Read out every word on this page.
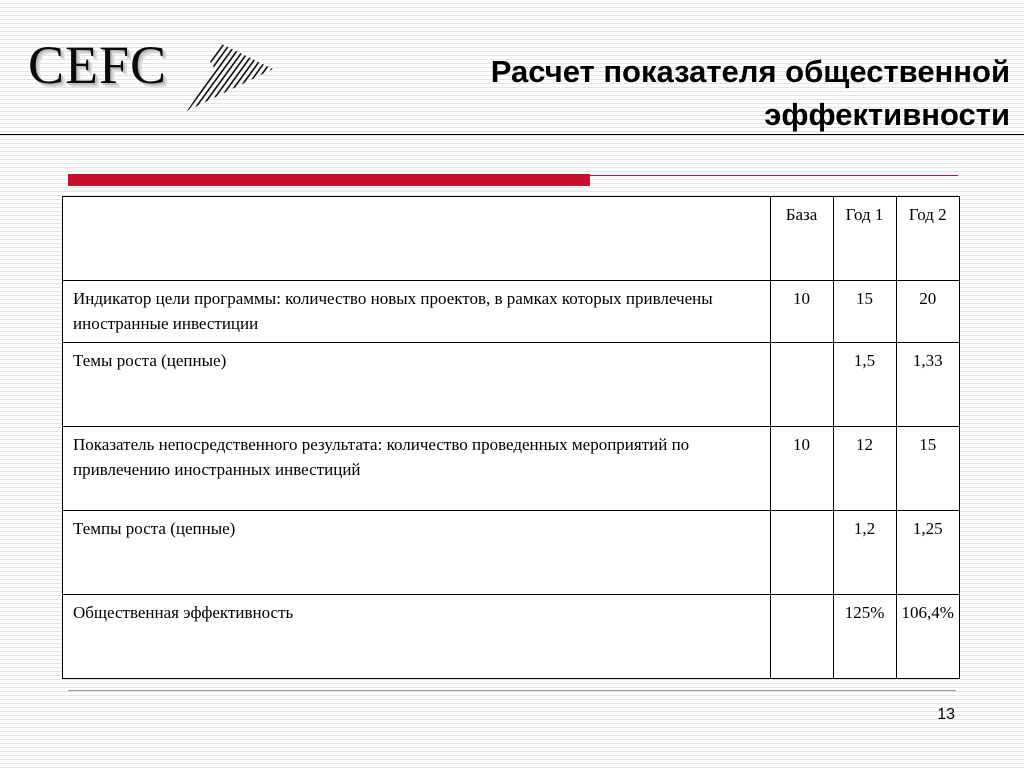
CEFC	Расчет показателя общественной эффективности
	База	Год 1	Год 2
Индикатор цели программы: количество новых проектов, в рамках которых привлечены иностранные инвестиции	10	15	20
Темы роста (цепные)		1,5	1,33
Показатель непосредственного результата: количество проведенных мероприятий по привлечению иностранных инвестиций	10	12	15
Темпы роста (цепные)		1,2	1,25
Общественная эффективность		125%	106,4%
13
